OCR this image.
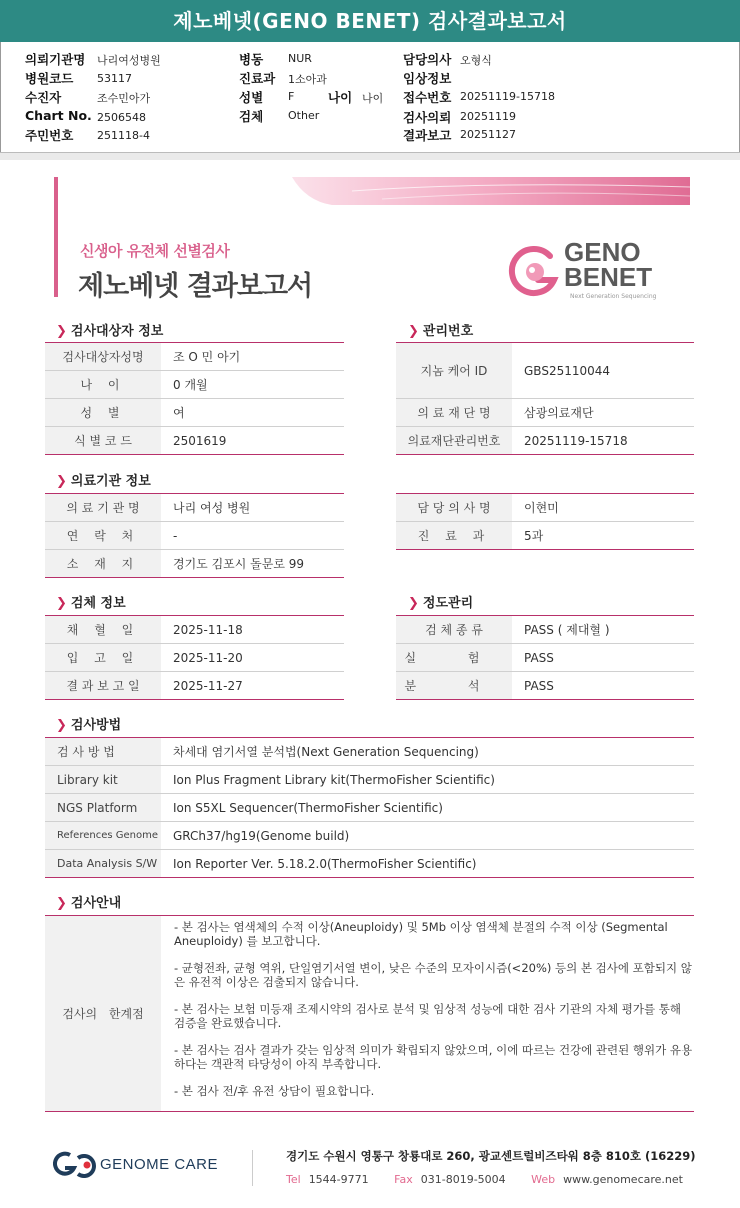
제노베넷(GENO BENET) 검사결과보고서
의뢰기관명 나리여성병원
병원코드 53117
수진자	조수민아가
Chart No. 2506548
주민번호 251118-4
병동 NUR
진료과 1소아과
성별 F	나이 나이
검체 Other
담당의사 오형식
임상정보
접수번호 20251119-15718
검사의뢰 20251119
결과보고 20251127
신생아 유전체 선별검사
제노베넷 결과보고서
GENO
BENET
Next Generation Sequencing
❯ 검사대상자 정보
검사대상자성명	조 O 민 아기
나 이	0 개월
성 별	여
식 별 코 드	2501619
❯ 관리번호
지놈 케어 ID	GBS25110044
의 료 재 단 명	삼광의료재단
의료재단관리번호	20251119-15718
❯ 의료기관 정보
의 료 기 관 명	나리 여성 병원
연 락 처	-
소 재 지	경기도 김포시 돌문로 99
담 당 의 사 명	이현미
진 료 과	5과
❯ 검체 정보
채 혈 일	2025-11-18
입 고 일	2025-11-20
결 과 보 고 일	2025-11-27
❯ 정도관리
검 체 종 류	PASS ( 제대혈 )
실 험	PASS
분 석	PASS
❯ 검사방법
검 사 방 법	차세대 염기서열 분석법(Next Generation Sequencing)
Library kit	Ion Plus Fragment Library kit(ThermoFisher Scientific)
NGS Platform	Ion S5XL Sequencer(ThermoFisher Scientific)
References Genome GRCh37/hg19(Genome build)
Data Analysis S/W	Ion Reporter Ver. 5.18.2.0(ThermoFisher Scientific)
❯ 검사안내
검사의 한계점
- 본 검사는 염색체의 수적 이상(Aneuploidy) 및 5Mb 이상 염색체 분절의 수적 이상 (Segmental Aneuploidy) 를 보고합니다.
- 균형전좌, 균형 역위, 단일염기서열 변이, 낮은 수준의 모자이시즘(<20%) 등의 본 검사에 포함되지 않은 유전적 이상은 검출되지 않습니다.
- 본 검사는 보험 미등재 조제시약의 검사로 분석 및 임상적 성능에 대한 검사 기관의 자체 평가를 통해 검증을 완료했습니다.
- 본 검사는 검사 결과가 갖는 임상적 의미가 확립되지 않았으며, 이에 따르는 건강에 관련된 행위가 유용하다는 객관적 타당성이 아직 부족합니다.
- 본 검사 전/후 유전 상담이 필요합니다.
GENOME CARE	경기도 수원시 영통구 창룡대로 260, 광교센트럴비즈타워 8층 810호 (16229)
Tel 1544-9771 Fax 031-8019-5004 Web www.genomecare.net
